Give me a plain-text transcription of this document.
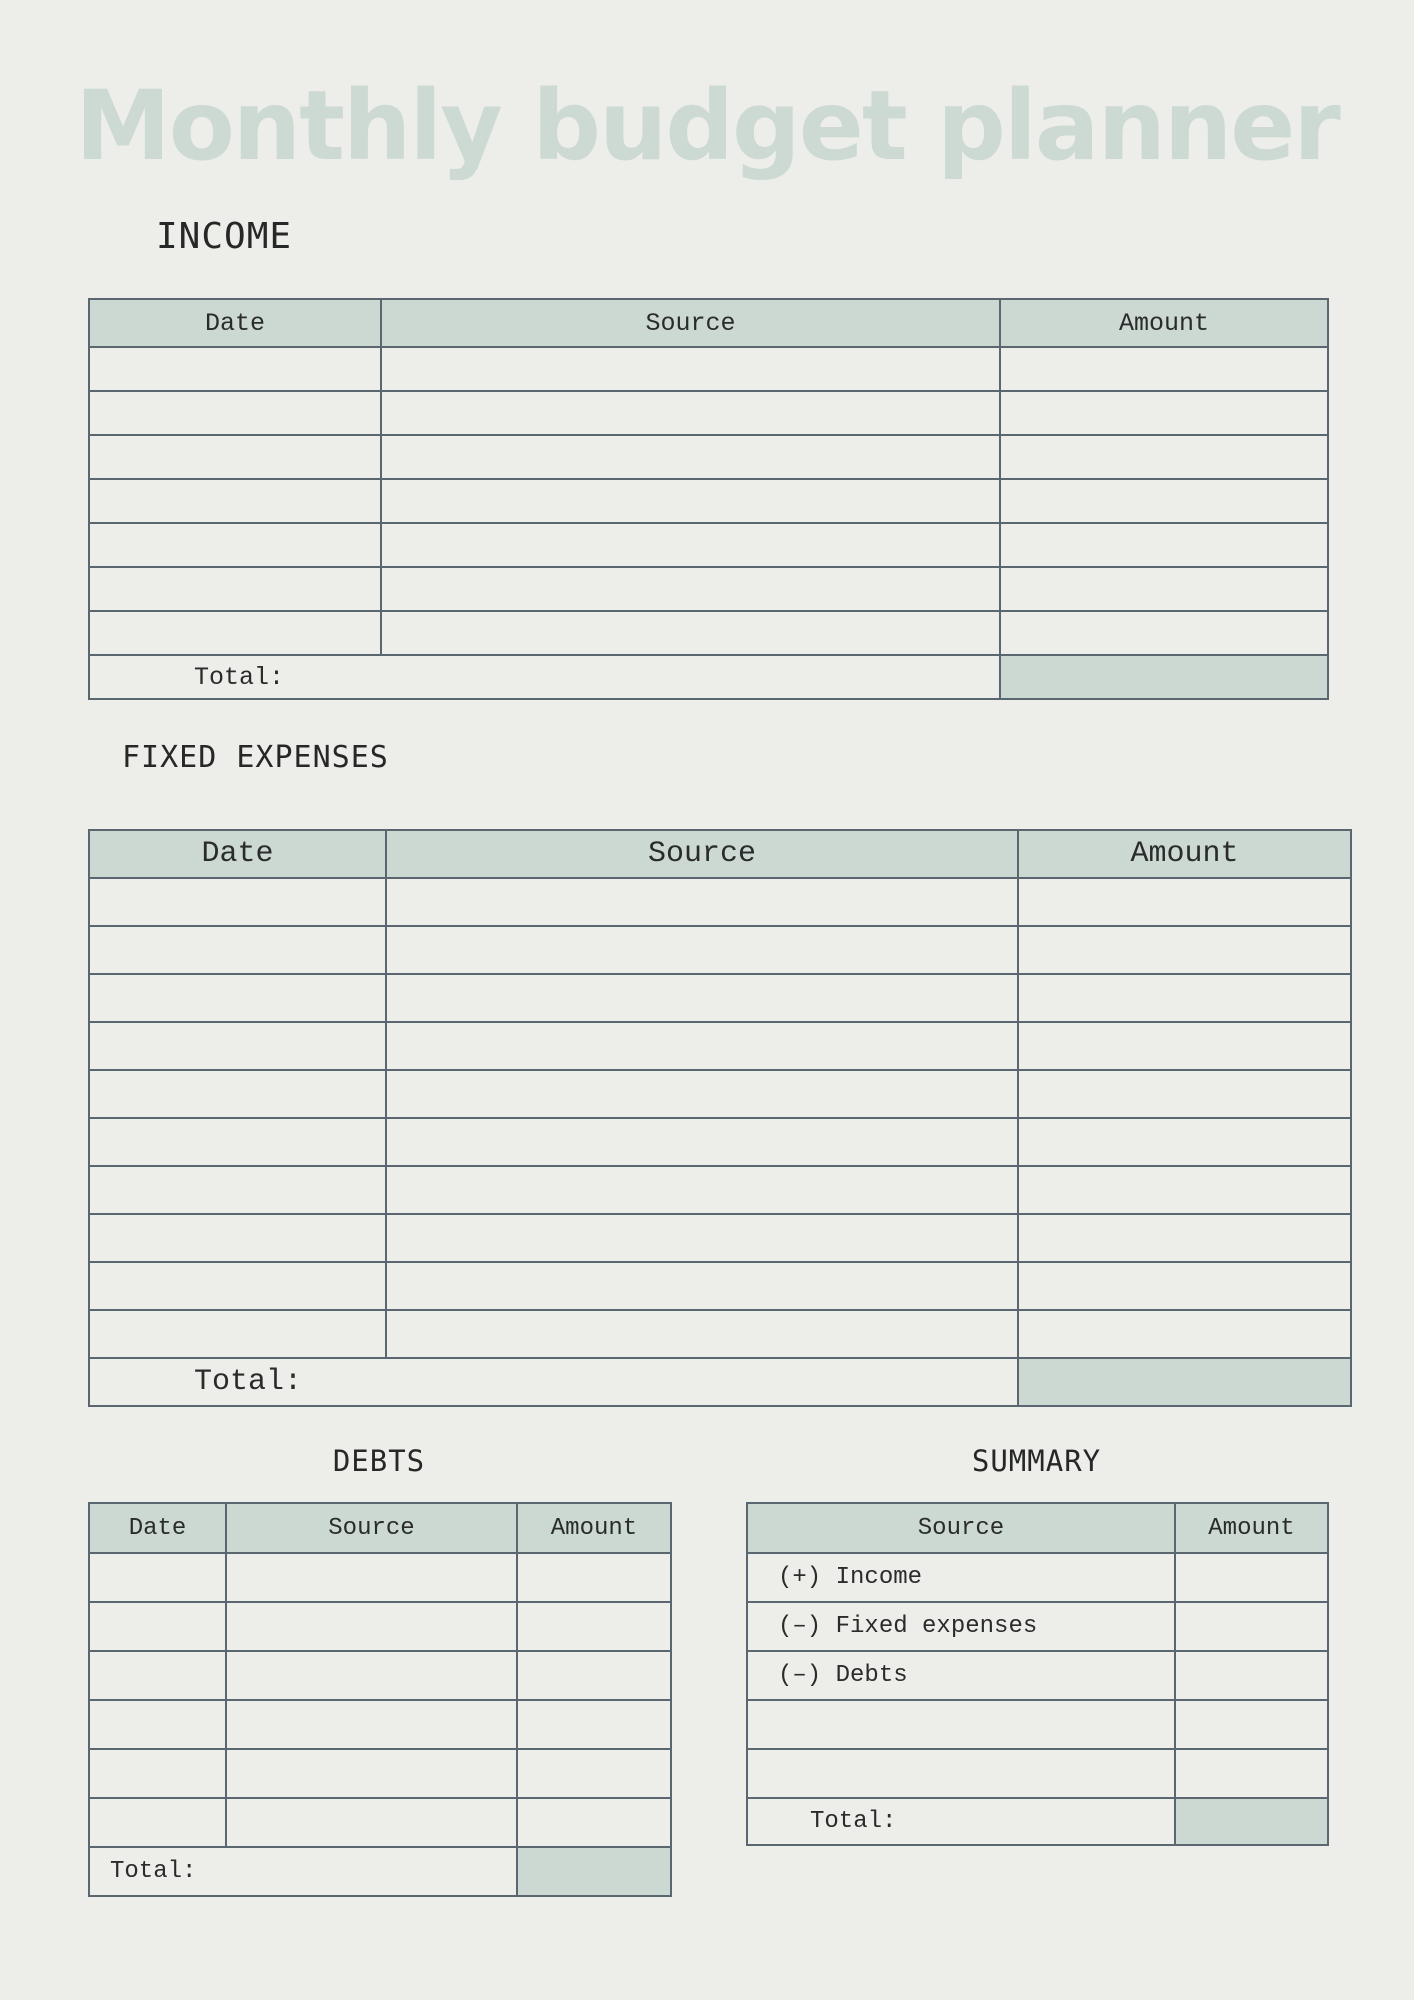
Monthly budget planner
INCOME
Date	Source	Amount

Total:		
FIXED EXPENSES
Date	Source	Amount

Total:		
DEBTS
Date	Source	Amount

Total:		
SUMMARY
Source	Amount
(+) Income	
(–) Fixed expenses	
(–) Debts	

Total:	
